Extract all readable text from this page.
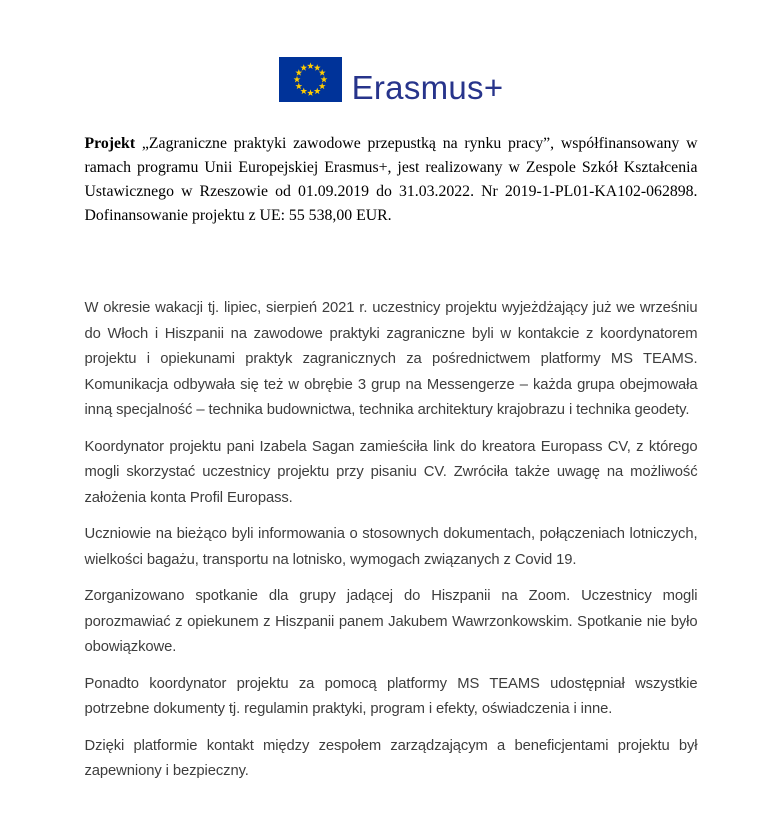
Erasmus+

Projekt „Zagraniczne praktyki zawodowe przepustką na rynku pracy”, współfinansowany w ramach programu Unii Europejskiej Erasmus+, jest realizowany w Zespole Szkół Kształcenia Ustawicznego w Rzeszowie od 01.09.2019 do 31.03.2022. Nr 2019-1-PL01-KA102-062898. Dofinansowanie projektu z UE: 55 538,00 EUR.

W okresie wakacji tj. lipiec, sierpień 2021 r. uczestnicy projektu wyjeżdżający już we wrześniu do Włoch i Hiszpanii na zawodowe praktyki zagraniczne byli w kontakcie z koordynatorem projektu i opiekunami praktyk zagranicznych za pośrednictwem platformy MS TEAMS. Komunikacja odbywała się też w obrębie 3 grup na Messengerze – każda grupa obejmowała inną specjalność – technika budownictwa, technika architektury krajobrazu i technika geodety.

Koordynator projektu pani Izabela Sagan zamieściła link do kreatora Europass CV, z którego mogli skorzystać uczestnicy projektu przy pisaniu CV. Zwróciła także uwagę na możliwość założenia konta Profil Europass.

Uczniowie na bieżąco byli informowania o stosownych dokumentach, połączeniach lotniczych, wielkości bagażu, transportu na lotnisko, wymogach związanych z Covid 19.

Zorganizowano spotkanie dla grupy jadącej do Hiszpanii na Zoom. Uczestnicy mogli porozmawiać z opiekunem z Hiszpanii panem Jakubem Wawrzonkowskim. Spotkanie nie było obowiązkowe.

Ponadto koordynator projektu za pomocą platformy MS TEAMS udostępniał wszystkie potrzebne dokumenty tj. regulamin praktyki, program i efekty, oświadczenia i inne.

Dzięki platformie kontakt między zespołem zarządzającym a beneficjentami projektu był zapewniony i bezpieczny.
